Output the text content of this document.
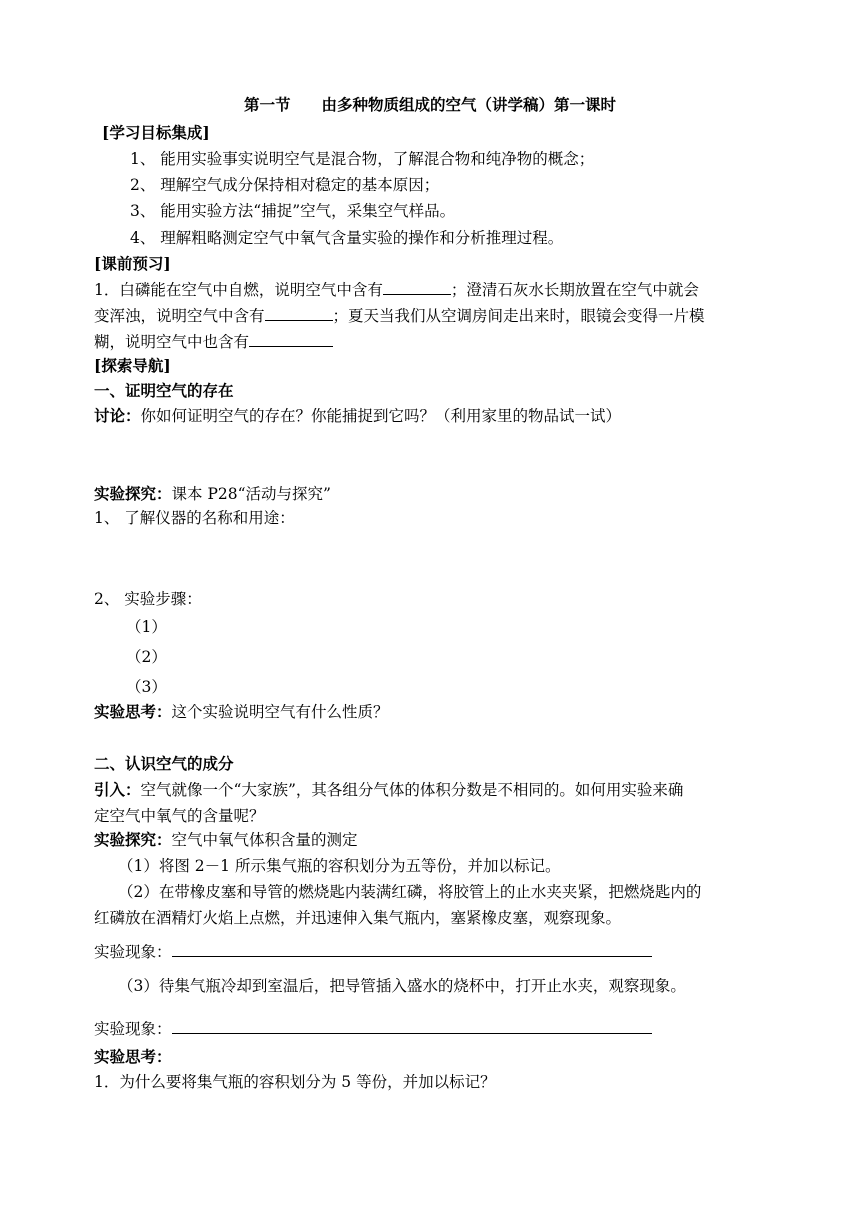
第一节　　由多种物质组成的空气（讲学稿）第一课时
[学习目标集成]
1、 能用实验事实说明空气是混合物，了解混合物和纯净物的概念；
2、 理解空气成分保持相对稳定的基本原因；
3、 能用实验方法“捕捉”空气，采集空气样品。
4、 理解粗略测定空气中氧气含量实验的操作和分析推理过程。
[课前预习]
1．白磷能在空气中自燃，说明空气中含有	；澄清石灰水长期放置在空气中就会
变浑浊，说明空气中含有	；夏天当我们从空调房间走出来时，眼镜会变得一片模
糊，说明空气中也含有
[探索导航]
一、证明空气的存在
讨论：你如何证明空气的存在？你能捕捉到它吗？（利用家里的物品试一试）
实验探究：课本 P28“活动与探究”
1、 了解仪器的名称和用途：
2、 实验步骤：
（1）
（2）
（3）
实验思考：这个实验说明空气有什么性质？
二、认识空气的成分
引入：空气就像一个“大家族”，其各组分气体的体积分数是不相同的。如何用实验来确
定空气中氧气的含量呢？
实验探究：空气中氧气体积含量的测定
（1）将图 2－1 所示集气瓶的容积划分为五等份，并加以标记。
（2）在带橡皮塞和导管的燃烧匙内装满红磷，将胶管上的止水夹夹紧，把燃烧匙内的
红磷放在酒精灯火焰上点燃，并迅速伸入集气瓶内，塞紧橡皮塞，观察现象。
实验现象：
（3）待集气瓶冷却到室温后，把导管插入盛水的烧杯中，打开止水夹，观察现象。
实验现象：
实验思考：
1．为什么要将集气瓶的容积划分为 5 等份，并加以标记？
